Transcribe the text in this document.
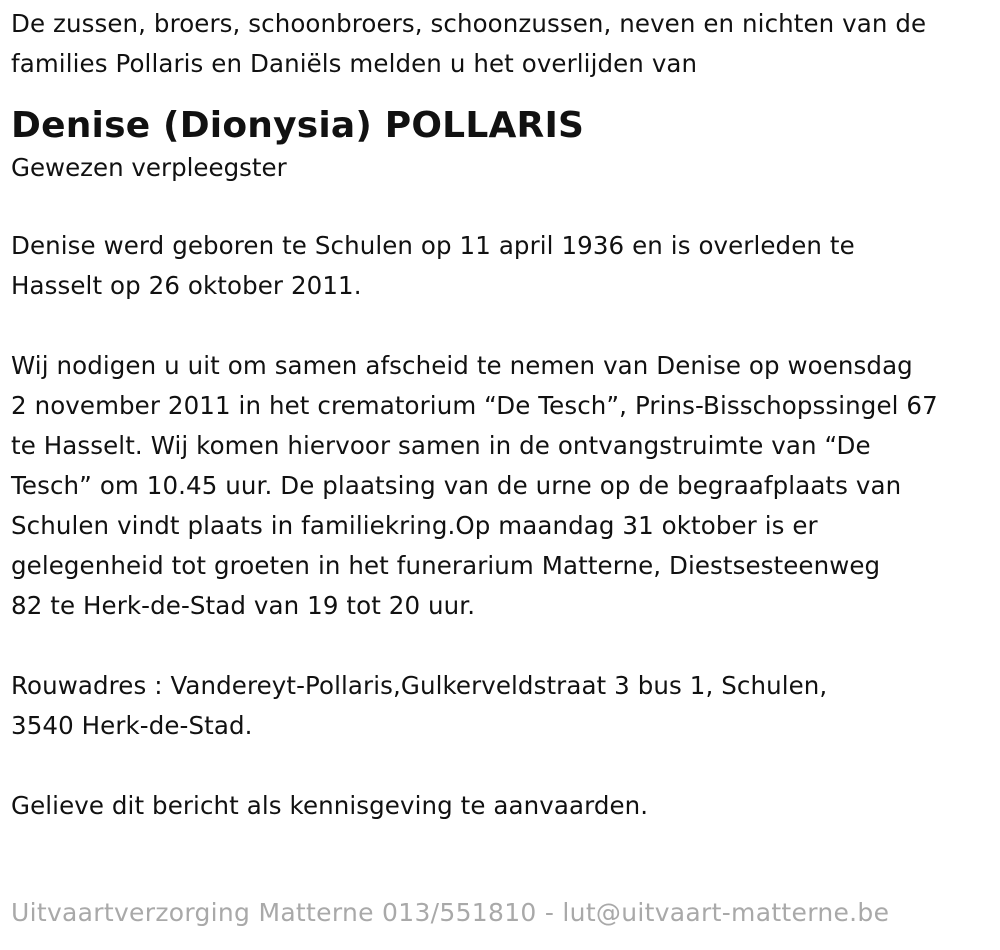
De zussen, broers, schoonbroers, schoonzussen, neven en nichten van de
families Pollaris en Daniëls melden u het overlijden van

Denise (Dionysia) POLLARIS

Gewezen verpleegster

Denise werd geboren te Schulen op 11 april 1936 en is overleden te
Hasselt op 26 oktober 2011.

Wij nodigen u uit om samen afscheid te nemen van Denise op woensdag
2 november 2011 in het crematorium “De Tesch”, Prins-Bisschopssingel 67
te Hasselt. Wij komen hiervoor samen in de ontvangstruimte van “De
Tesch” om 10.45 uur. De plaatsing van de urne op de begraafplaats van
Schulen vindt plaats in familiekring.Op maandag 31 oktober is er
gelegenheid tot groeten in het funerarium Matterne, Diestsesteenweg
82 te Herk-de-Stad van 19 tot 20 uur.

Rouwadres : Vandereyt-Pollaris,Gulkerveldstraat 3 bus 1, Schulen,
3540 Herk-de-Stad.

Gelieve dit bericht als kennisgeving te aanvaarden.

Uitvaartverzorging Matterne 013/551810 - lut@uitvaart-matterne.be
